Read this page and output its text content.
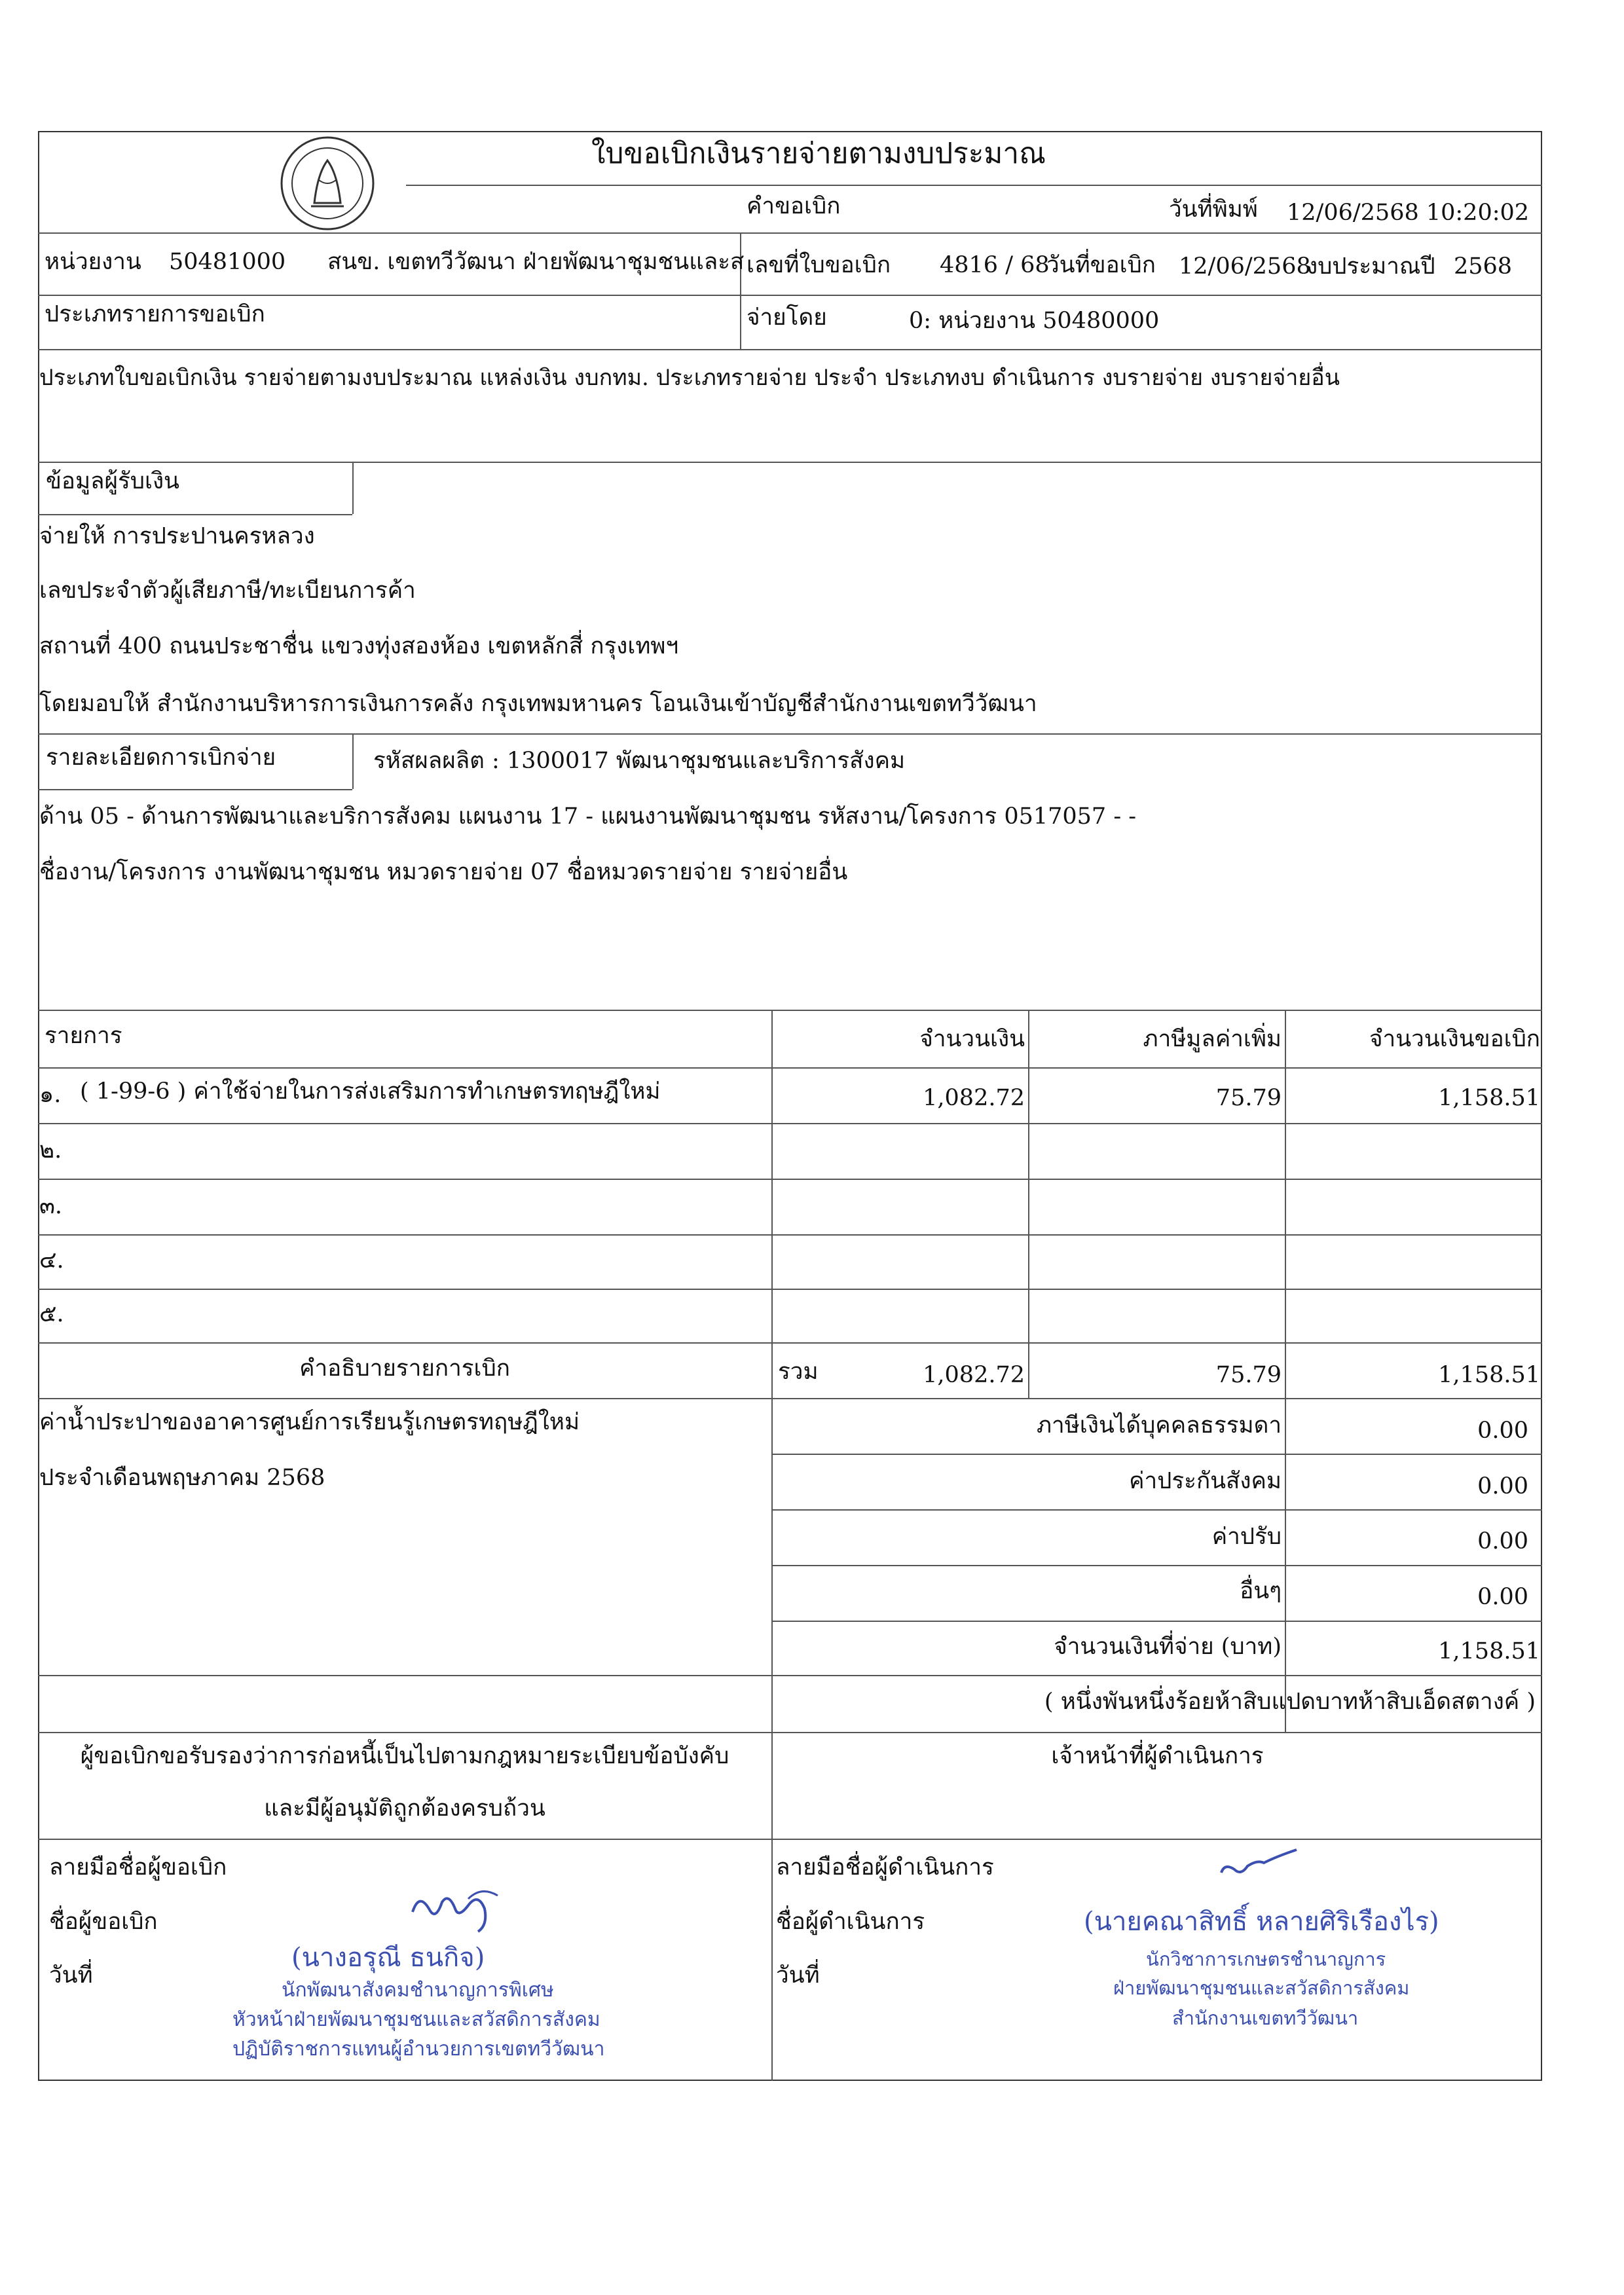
ใบขอเบิกเงินรายจ่ายตามงบประมาณ
คำขอเบิก	วันที่พิมพ์ 12/06/2568 10:20:02
หน่วยงาน 50481000 สนข. เขตทวีวัฒนา ฝ่ายพัฒนาชุมชนและส เลขที่ใบขอเบิก 4816 / 68
วันที่ขอเบิก 12/06/2568
งบประมาณปี 2568
ประเภทรายการขอเบิก	จ่ายโดย	0: หน่วยงาน 50480000
ประเภทใบขอเบิกเงิน รายจ่ายตามงบประมาณ แหล่งเงิน งบกทม. ประเภทรายจ่าย ประจำ ประเภทงบ ดำเนินการ งบรายจ่าย งบรายจ่ายอื่น
ข้อมูลผู้รับเงิน
จ่ายให้ การประปานครหลวง
เลขประจำตัวผู้เสียภาษี/ทะเบียนการค้า
สถานที่ 400 ถนนประชาชื่น แขวงทุ่งสองห้อง เขตหลักสี่ กรุงเทพฯ
โดยมอบให้ สำนักงานบริหารการเงินการคลัง กรุงเทพมหานคร โอนเงินเข้าบัญชีสำนักงานเขตทวีวัฒนา
รายละเอียดการเบิกจ่าย	รหัสผลผลิต : 1300017 พัฒนาชุมชนและบริการสังคม
ด้าน 05 - ด้านการพัฒนาและบริการสังคม แผนงาน 17 - แผนงานพัฒนาชุมชน รหัสงาน/โครงการ 0517057 - -
ชื่องาน/โครงการ งานพัฒนาชุมชน หมวดรายจ่าย 07 ชื่อหมวดรายจ่าย รายจ่ายอื่น
รายการ	จำนวนเงิน	ภาษีมูลค่าเพิ่ม	จำนวนเงินขอเบิก
๑. ( 1-99-6 ) ค่าใช้จ่ายในการส่งเสริมการทำเกษตรทฤษฎีใหม่	1,082.72	75.79	1,158.51
๒.
๓.
๔.
๕.
คำอธิบายรายการเบิก	รวม	1,082.72	75.79	1,158.51
ค่าน้ำประปาของอาคารศูนย์การเรียนรู้เกษตรทฤษฎีใหม่
ประจำเดือนพฤษภาคม 2568
ภาษีเงินได้บุคคลธรรมดา	0.00
ค่าประกันสังคม	0.00
ค่าปรับ	0.00
อื่นๆ	0.00
จำนวนเงินที่จ่าย (บาท)	1,158.51
( หนึ่งพันหนึ่งร้อยห้าสิบแปดบาทห้าสิบเอ็ดสตางค์ )
ผู้ขอเบิกขอรับรองว่าการก่อหนี้เป็นไปตามกฎหมายระเบียบข้อบังคับ
และมีผู้อนุมัติถูกต้องครบถ้วน
เจ้าหน้าที่ผู้ดำเนินการ
ลายมือชื่อผู้ขอเบิก
ชื่อผู้ขอเบิก
วันที่
(นางอรุณี ธนกิจ)
นักพัฒนาสังคมชำนาญการพิเศษ
หัวหน้าฝ่ายพัฒนาชุมชนและสวัสดิการสังคม
ปฏิบัติราชการแทนผู้อำนวยการเขตทวีวัฒนา
ลายมือชื่อผู้ดำเนินการ
ชื่อผู้ดำเนินการ
วันที่
(นายคณาสิทธิ์ หลายศิริเรืองไร)
นักวิชาการเกษตรชำนาญการ
ฝ่ายพัฒนาชุมชนและสวัสดิการสังคม
สำนักงานเขตทวีวัฒนา
